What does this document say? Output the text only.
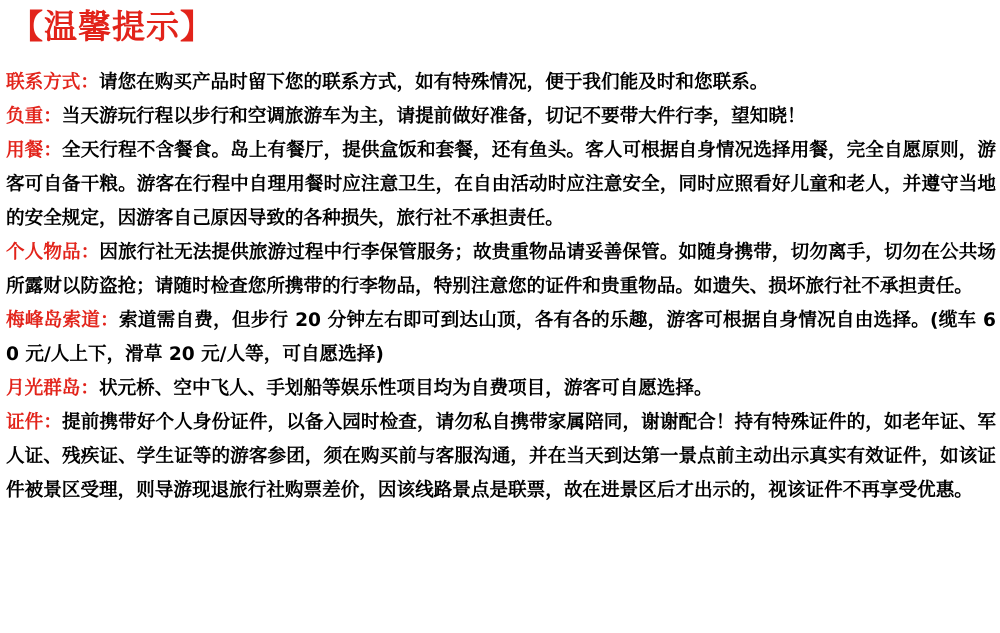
【温馨提示】

联系方式：请您在购买产品时留下您的联系方式，如有特殊情况，便于我们能及时和您联系。

负重：当天游玩行程以步行和空调旅游车为主，请提前做好准备，切记不要带大件行李，望知晓！

用餐：全天行程不含餐食。岛上有餐厅，提供盒饭和套餐，还有鱼头。客人可根据自身情况选择用餐，完全自愿原则，游客可自备干粮。游客在行程中自理用餐时应注意卫生，在自由活动时应注意安全，同时应照看好儿童和老人，并遵守当地的安全规定，因游客自己原因导致的各种损失，旅行社不承担责任。

个人物品：因旅行社无法提供旅游过程中行李保管服务；故贵重物品请妥善保管。如随身携带，切勿离手，切勿在公共场所露财以防盗抢；请随时检查您所携带的行李物品，特别注意您的证件和贵重物品。如遗失、损坏旅行社不承担责任。

梅峰岛索道：索道需自费，但步行 20 分钟左右即可到达山顶，各有各的乐趣，游客可根据自身情况自由选择。(缆车 60 元/人上下，滑草 20 元/人等，可自愿选择)

月光群岛：状元桥、空中飞人、手划船等娱乐性项目均为自费项目，游客可自愿选择。

证件：提前携带好个人身份证件，以备入园时检查，请勿私自携带家属陪同，谢谢配合！持有特殊证件的，如老年证、军人证、残疾证、学生证等的游客参团，须在购买前与客服沟通，并在当天到达第一景点前主动出示真实有效证件，如该证件被景区受理，则导游现退旅行社购票差价，因该线路景点是联票，故在进景区后才出示的，视该证件不再享受优惠。
